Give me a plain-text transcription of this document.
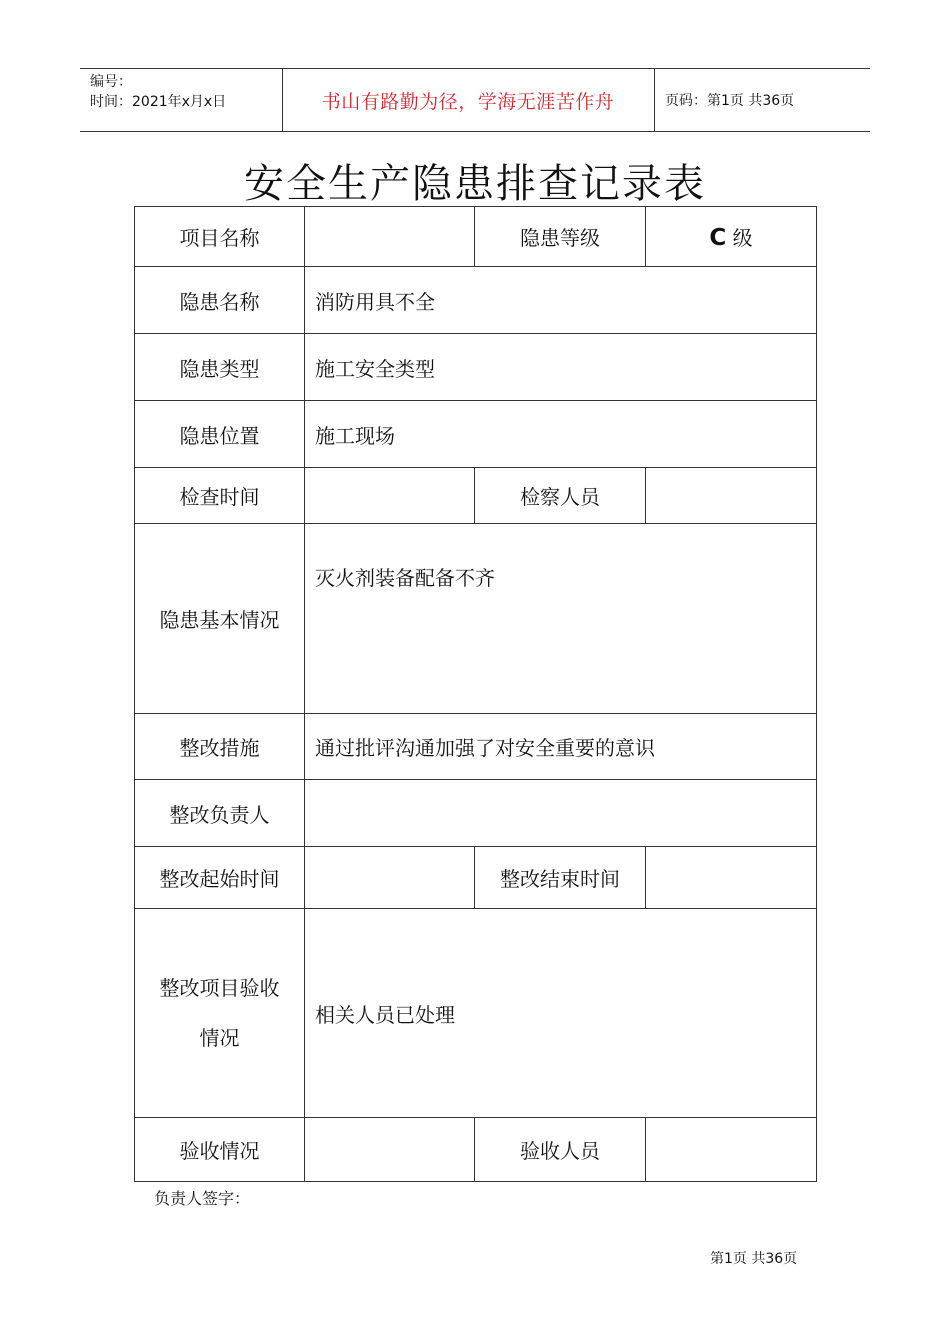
编号：
时间：2021年x月x日	书山有路勤为径，学海无涯苦作舟	页码：第1页 共36页
安全生产隐患排查记录表
项目名称		隐患等级	C 级
隐患名称	消防用具不全		
隐患类型	施工安全类型		
隐患位置	施工现场		
检查时间		检察人员	
隐患基本情况	灭火剂装备配备不齐		
整改措施	通过批评沟通加强了对安全重要的意识		
整改负责人			
整改起始时间		整改结束时间	
整改项目验收
情况	相关人员已处理		
验收情况		验收人员	
负责人签字：
第1页 共36页
